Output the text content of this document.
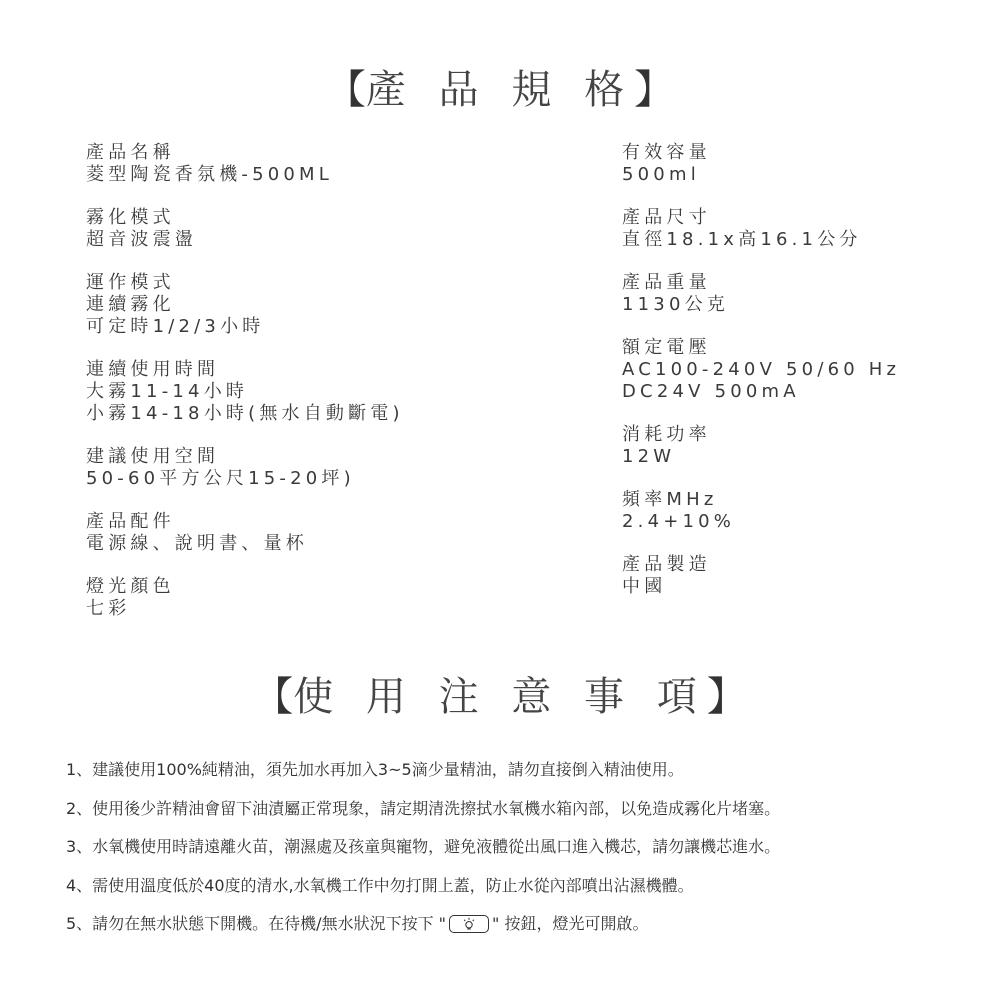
【產 品 規 格】
產品名稱
菱型陶瓷香氛機-500ML
霧化模式
超音波震盪
運作模式
連續霧化
可定時1/2/3小時
連續使用時間
大霧11-14小時
小霧14-18小時(無水自動斷電)
建議使用空間
50-60平方公尺15-20坪)
產品配件
電源線、說明書、量杯
燈光顏色
七彩
有效容量
500ml
產品尺寸
直徑18.1x高16.1公分
產品重量
1130公克
額定電壓
AC100-240V 50/60 Hz
DC24V 500mA
消耗功率
12W
頻率MHz
2.4+10%
產品製造
中國
【使 用 注 意 事 項】
1、建議使用100%純精油，須先加水再加入3~5滴少量精油，請勿直接倒入精油使用。
2、使用後少許精油會留下油漬屬正常現象，請定期清洗擦拭水氧機水箱內部，以免造成霧化片堵塞。
3、水氧機使用時請遠離火苗，潮濕處及孩童與寵物，避免液體從出風口進入機芯，請勿讓機芯進水。
4、需使用溫度低於40度的清水,水氧機工作中勿打開上蓋，防止水從內部噴出沾濕機體。
5、請勿在無水狀態下開機。在待機/無水狀況下按下 "	" 按鈕，燈光可開啟。
